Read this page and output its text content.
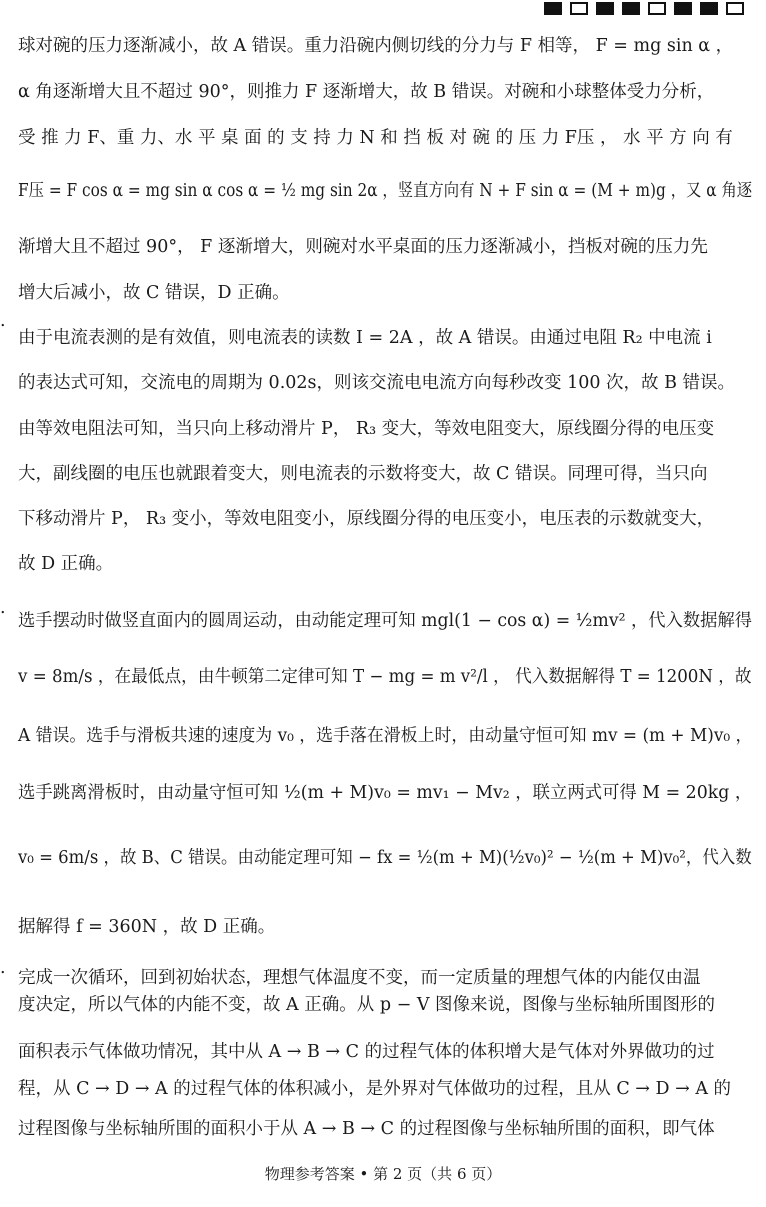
.
.
.
球对碗的压力逐渐减小，故 A 错误。重力沿碗内侧切线的分力与 F 相等， F = mg sin α ，
α 角逐渐增大且不超过 90°，则推力 F 逐渐增大，故 B 错误。对碗和小球整体受力分析，
受 推 力 F、重 力、水 平 桌 面 的 支 持 力 N 和 挡 板 对 碗 的 压 力 F压 ， 水 平 方 向 有
F压 = F cos α = mg sin α cos α = ½ mg sin 2α ，竖直方向有 N + F sin α = (M + m)g ，又 α 角逐
渐增大且不超过 90°， F 逐渐增大，则碗对水平桌面的压力逐渐减小，挡板对碗的压力先
增大后减小，故 C 错误，D 正确。
由于电流表测的是有效值，则电流表的读数 I = 2A ，故 A 错误。由通过电阻 R₂ 中电流 i
的表达式可知，交流电的周期为 0.02s，则该交流电电流方向每秒改变 100 次，故 B 错误。
由等效电阻法可知，当只向上移动滑片 P， R₃ 变大，等效电阻变大，原线圈分得的电压变
大，副线圈的电压也就跟着变大，则电流表的示数将变大，故 C 错误。同理可得，当只向
下移动滑片 P， R₃ 变小，等效电阻变小，原线圈分得的电压变小，电压表的示数就变大，
故 D 正确。
选手摆动时做竖直面内的圆周运动，由动能定理可知 mgl(1 − cos α) = ½mv² ，代入数据解得
v = 8m/s ，在最低点，由牛顿第二定律可知 T − mg = m v²/l ， 代入数据解得 T = 1200N ，故
A 错误。选手与滑板共速的速度为 v₀ ，选手落在滑板上时，由动量守恒可知 mv = (m + M)v₀ ，
选手跳离滑板时，由动量守恒可知 ½(m + M)v₀ = mv₁ − Mv₂ ，联立两式可得 M = 20kg ，
v₀ = 6m/s ，故 B、C 错误。由动能定理可知 − fx = ½(m + M)(½v₀)² − ½(m + M)v₀²，代入数
据解得 f = 360N ，故 D 正确。
完成一次循环，回到初始状态，理想气体温度不变，而一定质量的理想气体的内能仅由温
度决定，所以气体的内能不变，故 A 正确。从 p − V 图像来说，图像与坐标轴所围图形的
面积表示气体做功情况，其中从 A → B → C 的过程气体的体积增大是气体对外界做功的过
程，从 C → D → A 的过程气体的体积减小，是外界对气体做功的过程，且从 C → D → A 的
过程图像与坐标轴所围的面积小于从 A → B → C 的过程图像与坐标轴所围的面积，即气体
物理参考答案 • 第 2 页（共 6 页）
